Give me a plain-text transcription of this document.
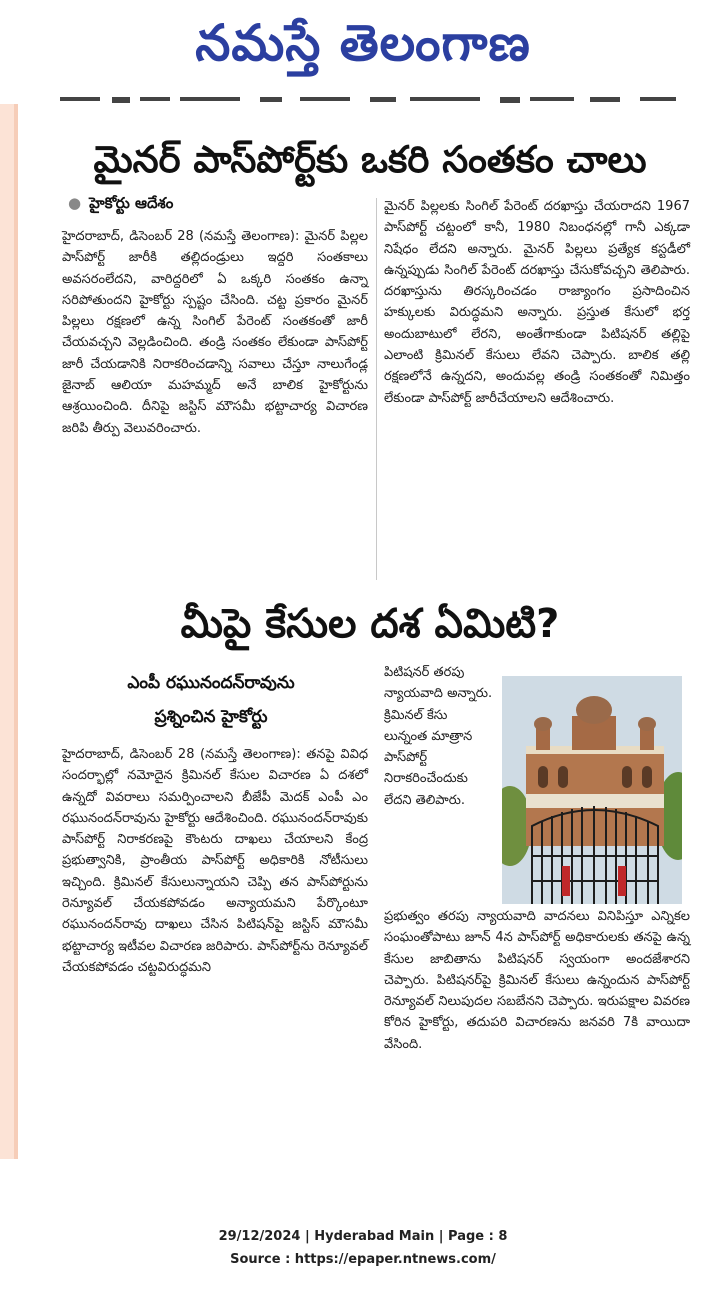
నమస్తే తెలంగాణ
మైనర్ పాస్‌పోర్ట్‌కు ఒకరి సంతకం చాలు
● హైకోర్టు ఆదేశం

హైదరాబాద్, డిసెంబర్ 28 (నమస్తే తెలంగాణ): మైనర్ పిల్లల పాస్‌పోర్ట్ జారీకి తల్లిదండ్రులు ఇద్దరి సంతకాలు అవసరంలేదని, వారిద్దరిలో ఏ ఒక్కరి సంతకం ఉన్నా సరిపోతుందని హైకోర్టు స్పష్టం చేసింది. చట్ట ప్రకారం మైనర్ పిల్లలు రక్షణలో ఉన్న సింగిల్ పేరెంట్ సంతకంతో జారీ చేయవచ్చని వెల్లడించింది. తండ్రి సంతకం లేకుండా పాస్‌పోర్ట్ జారీ చేయడానికి నిరాకరించడాన్ని సవాలు చేస్తూ నాలుగేండ్ల జైనాబ్ ఆలియా మహమ్మద్ అనే బాలిక హైకోర్టును ఆశ్రయించింది. దీనిపై జస్టిస్ మౌసమీ భట్టాచార్య విచారణ జరిపి తీర్పు వెలువరించారు.

మైనర్ పిల్లలకు సింగిల్ పేరెంట్ దరఖాస్తు చేయరాదని 1967 పాస్‌పోర్ట్ చట్టంలో కానీ, 1980 నిబంధనల్లో గానీ ఎక్కడా నిషేధం లేదని అన్నారు. మైనర్ పిల్లలు ప్రత్యేక కస్టడీలో ఉన్నప్పుడు సింగిల్ పేరెంట్ దరఖాస్తు చేసుకోవచ్చని తెలిపారు. దరఖాస్తును తిరస్కరించడం రాజ్యాంగం ప్రసాదించిన హక్కులకు విరుద్ధమని అన్నారు. ప్రస్తుత కేసులో భర్త అందుబాటులో లేరని, అంతేగాకుండా పిటిషనర్ తల్లిపై ఎలాంటి క్రిమినల్ కేసులు లేవని చెప్పారు. బాలిక తల్లి రక్షణలోనే ఉన్నదని, అందువల్ల తండ్రి సంతకంతో నిమిత్తం లేకుండా పాస్‌పోర్ట్ జారీచేయాలని ఆదేశించారు.

మీపై కేసుల దశ ఏమిటి?
ఎంపీ రఘునందన్‌రావును
ప్రశ్నించిన హైకోర్టు

హైదరాబాద్, డిసెంబర్ 28 (నమస్తే తెలంగాణ): తనపై వివిధ సందర్భాల్లో నమోదైన క్రిమినల్ కేసుల విచారణ ఏ దశలో ఉన్నదో వివరాలు సమర్పించాలని బీజేపీ మెదక్ ఎంపీ ఎం రఘునందన్‌రావును హైకోర్టు ఆదేశించింది. రఘునందన్‌రావుకు పాస్‌పోర్ట్ నిరాకరణపై కౌంటరు దాఖలు చేయాలని కేంద్ర ప్రభుత్వానికి, ప్రాంతీయ పాస్‌పోర్ట్ అధికారికి నోటీసులు ఇచ్చింది. క్రిమినల్ కేసులున్నాయని చెప్పి తన పాస్‌పోర్టును రెన్యూవల్ చేయకపోవడం అన్యాయమని పేర్కొంటూ రఘునందన్‌రావు దాఖలు చేసిన పిటిషన్‌పై జస్టిస్ మౌసమీ భట్టాచార్య ఇటీవల విచారణ జరిపారు. పాస్‌పోర్ట్‌ను రెన్యూవల్ చేయకపోవడం చట్టవిరుద్ధమని

పిటిషనర్ తరపు న్యాయవాది అన్నారు. క్రిమినల్ కేసు లున్నంత మాత్రాన పాస్‌పోర్ట్ నిరాకరించేందుకు లేదని తెలిపారు.

ప్రభుత్వం తరపు న్యాయవాది వాదనలు వినిపిస్తూ ఎన్నికల సంఘంతోపాటు జూన్ 4న పాస్‌పోర్ట్ అధికారులకు తనపై ఉన్న కేసుల జాబితాను పిటిషనర్ స్వయంగా అందజేశారని చెప్పారు. పిటిషనర్‌పై క్రిమినల్ కేసులు ఉన్నందున పాస్‌పోర్ట్ రెన్యూవల్ నిలుపుదల సబబేనని చెప్పారు. ఇరుపక్షాల వివరణ కోరిన హైకోర్టు, తదుపరి విచారణను జనవరి 7కి వాయిదా వేసింది.

29/12/2024 | Hyderabad Main | Page : 8
Source : https://epaper.ntnews.com/
